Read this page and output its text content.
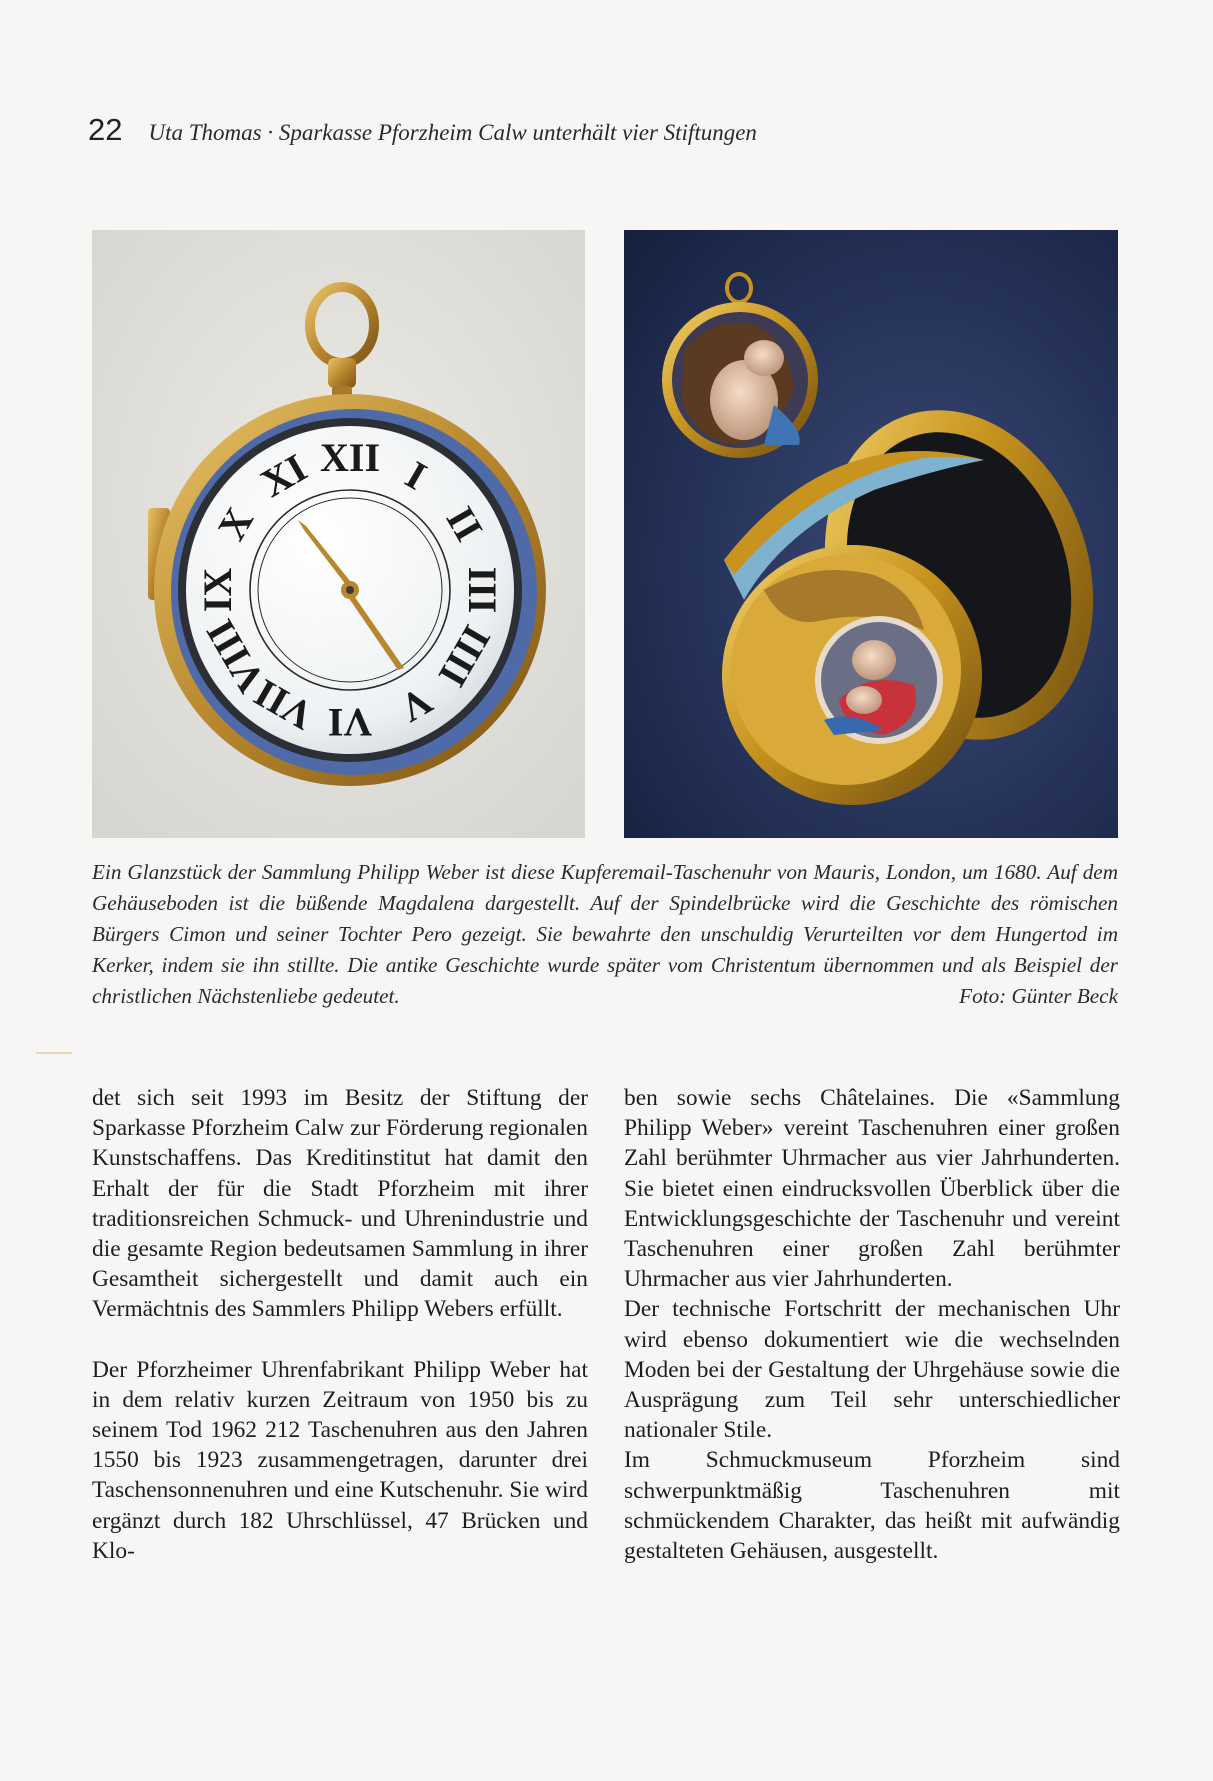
22 Uta Thomas · Sparkasse Pforzheim Calw unterhält vier Stiftungen
XII I
II
III
IIII
V
VI
VII
VIII
IX
X
XI
Ein Glanzstück der Sammlung Philipp Weber ist diese Kupferemail-Taschenuhr von Mauris, London, um 1680. Auf dem Gehäuseboden ist die büßende Magdalena dargestellt. Auf der Spindelbrücke wird die Geschichte des römischen Bürgers Cimon und seiner Tochter Pero gezeigt. Sie bewahrte den unschuldig Verurteilten vor dem Hungertod im Kerker, indem sie ihn stillte. Die antike Geschichte wurde später vom Christentum übernommen und als Beispiel der christlichen Nächstenliebe gedeutet.	Foto: Günter Beck

det sich seit 1993 im Besitz der Stiftung der Sparkasse Pforzheim Calw zur Förderung regionalen Kunstschaffens. Das Kreditinstitut hat damit den Erhalt der für die Stadt Pforzheim mit ihrer traditionsreichen Schmuck- und Uhrenindustrie und die gesamte Region bedeutsamen Sammlung in ihrer Gesamtheit sichergestellt und damit auch ein Vermächtnis des Sammlers Philipp Webers erfüllt.

Der Pforzheimer Uhrenfabrikant Philipp Weber hat in dem relativ kurzen Zeitraum von 1950 bis zu seinem Tod 1962 212 Taschenuhren aus den Jahren 1550 bis 1923 zusammengetragen, darunter drei Taschensonnenuhren und eine Kutschenuhr. Sie wird ergänzt durch 182 Uhrschlüssel, 47 Brücken und Klo-

ben sowie sechs Châtelaines. Die «Sammlung Philipp Weber» vereint Taschenuhren einer großen Zahl berühmter Uhrmacher aus vier Jahrhunderten. Sie bietet einen eindrucksvollen Überblick über die Entwicklungsgeschichte der Taschenuhr und vereint Taschenuhren einer großen Zahl berühmter Uhrmacher aus vier Jahrhunderten.

Der technische Fortschritt der mechanischen Uhr wird ebenso dokumentiert wie die wechselnden Moden bei der Gestaltung der Uhrgehäuse sowie die Ausprägung zum Teil sehr unterschiedlicher nationaler Stile.

Im Schmuckmuseum Pforzheim sind schwerpunktmäßig Taschenuhren mit schmückendem Charakter, das heißt mit aufwändig gestalteten Gehäusen, ausgestellt.
